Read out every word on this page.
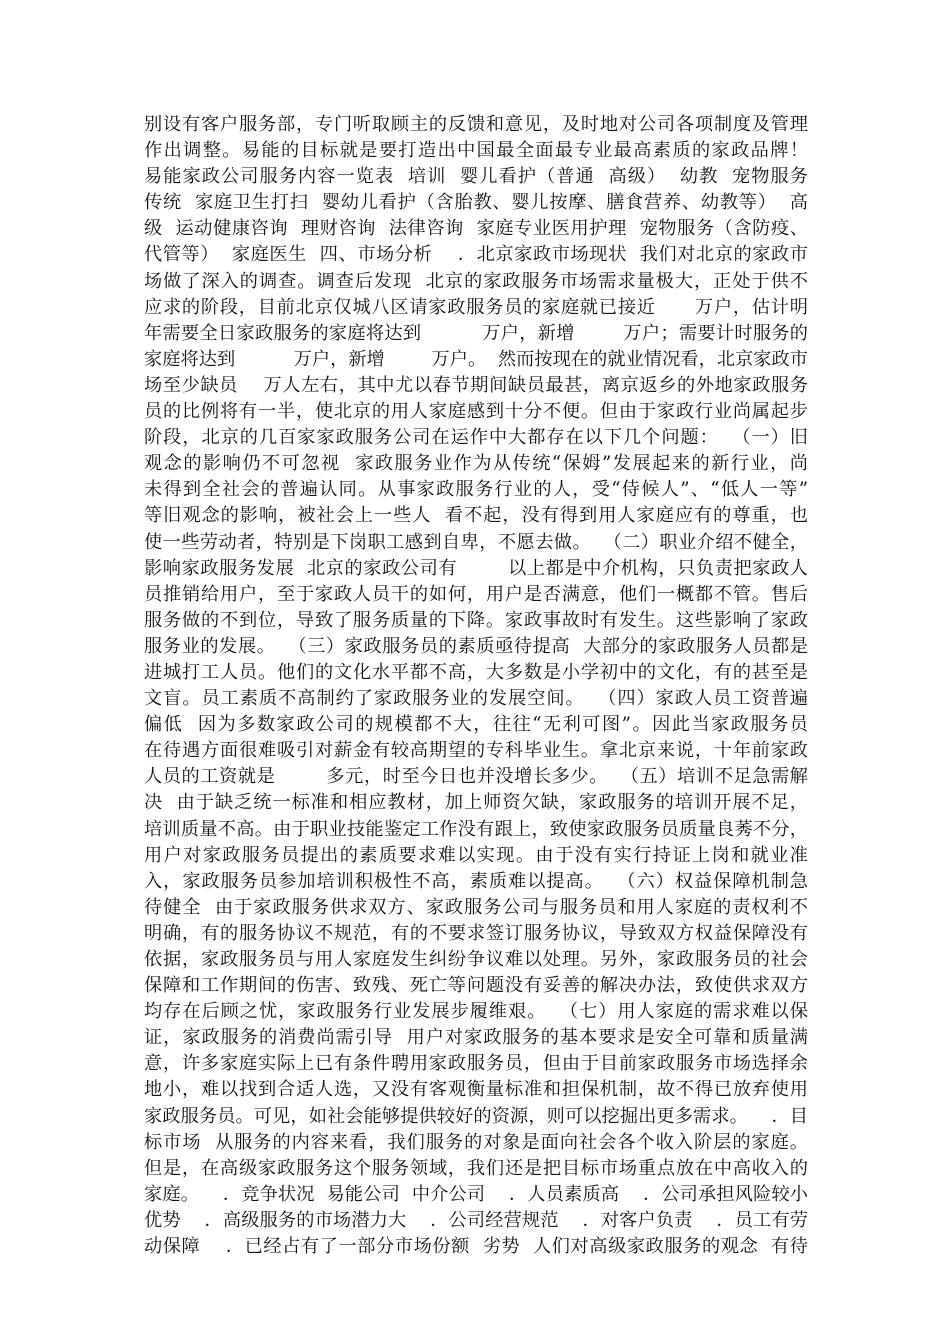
别设有客户服务部，专门听取顾主的反馈和意见，及时地对公司各项制度及管理
作出调整。易能的目标就是要打造出中国最全面最专业最高素质的家政品牌！
易能家政公司服务内容一览表  培训  婴儿看护（普通  高级）  幼教  宠物服务
传统  家庭卫生打扫  婴幼儿看护（含胎教、婴儿按摩、膳食营养、幼教等）  高
级  运动健康咨询  理财咨询  法律咨询  家庭专业医用护理  宠物服务（含防疫、
代管等）  家庭医生  四、市场分析    ．北京家政市场现状  我们对北京的家政市
场做了深入的调查。调查后发现  北京的家政服务市场需求量极大，正处于供不
应求的阶段，目前北京仅城八区请家政服务员的家庭就已接近      万户，估计明
年需要全日家政服务的家庭将达到          万户，新增        万户；需要计时服务的
家庭将达到          万户，新增        万户。  然而按现在的就业情况看，北京家政市
场至少缺员    万人左右，其中尤以春节期间缺员最甚，离京返乡的外地家政服务
员的比例将有一半，使北京的用人家庭感到十分不便。但由于家政行业尚属起步
阶段，北京的几百家家政服务公司在运作中大都存在以下几个问题：  （一）旧
观念的影响仍不可忽视  家政服务业作为从传统“保姆”发展起来的新行业，尚
未得到全社会的普遍认同。从事家政服务行业的人，受“侍候人”、“低人一等”
等旧观念的影响，被社会上一些人  看不起，没有得到用人家庭应有的尊重，也
使一些劳动者，特别是下岗职工感到自卑，不愿去做。  （二）职业介绍不健全，
影响家政服务发展  北京的家政公司有        以上都是中介机构，只负责把家政人
员推销给用户，至于家政人员干的如何，用户是否满意，他们一概都不管。售后
服务做的不到位，导致了服务质量的下降。家政事故时有发生。这些影响了家政
服务业的发展。  （三）家政服务员的素质亟待提高  大部分的家政服务人员都是
进城打工人员。他们的文化水平都不高，大多数是小学初中的文化，有的甚至是
文盲。员工素质不高制约了家政服务业的发展空间。  （四）家政人员工资普遍
偏低  因为多数家政公司的规模都不大，往往“无利可图”。因此当家政服务员
在待遇方面很难吸引对薪金有较高期望的专科毕业生。拿北京来说，十年前家政
人员的工资就是        多元，时至今日也并没增长多少。  （五）培训不足急需解
决  由于缺乏统一标准和相应教材，加上师资欠缺，家政服务的培训开展不足，
培训质量不高。由于职业技能鉴定工作没有跟上，致使家政服务员质量良莠不分，
用户对家政服务员提出的素质要求难以实现。由于没有实行持证上岗和就业准
入，家政服务员参加培训积极性不高，素质难以提高。  （六）权益保障机制急
待健全  由于家政服务供求双方、家政服务公司与服务员和用人家庭的责权利不
明确，有的服务协议不规范，有的不要求签订服务协议，导致双方权益保障没有
依据，家政服务员与用人家庭发生纠纷争议难以处理。另外，家政服务员的社会
保障和工作期间的伤害、致残、死亡等问题没有妥善的解决办法，致使供求双方
均存在后顾之忧，家政服务行业发展步履维艰。  （七）用人家庭的需求难以保
证，家政服务的消费尚需引导  用户对家政服务的基本要求是安全可靠和质量满
意，许多家庭实际上已有条件聘用家政服务员，但由于目前家政服务市场选择余
地小，难以找到合适人选，又没有客观衡量标准和担保机制，故不得已放弃使用
家政服务员。可见，如社会能够提供较好的资源，则可以挖掘出更多需求。    ．目
标市场  从服务的内容来看，我们服务的对象是面向社会各个收入阶层的家庭。
但是，在高级家政服务这个服务领域，我们还是把目标市场重点放在中高收入的
家庭。    ．竞争状况  易能公司  中介公司    ．人员素质高    ．公司承担风险较小
优势    ．高级服务的市场潜力大    ．公司经营规范    ．对客户负责    ．员工有劳
动保障    ．已经占有了一部分市场份额  劣势  人们对高级家政服务的观念  有待
